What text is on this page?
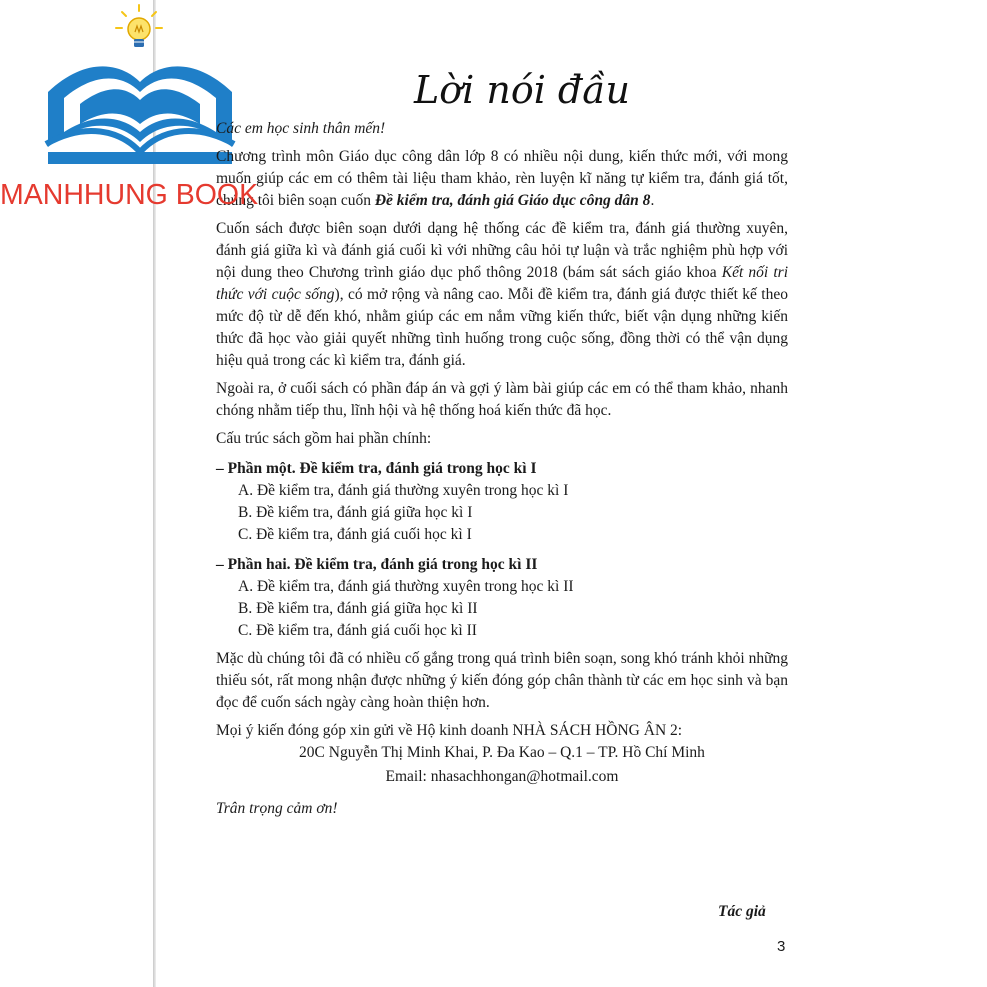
MANHHUNG BOOK
Lời nói đầu

Các em học sinh thân mến!

Chương trình môn Giáo dục công dân lớp 8 có nhiều nội dung, kiến thức mới, với mong muốn giúp các em có thêm tài liệu tham khảo, rèn luyện kĩ năng tự kiểm tra, đánh giá tốt, chúng tôi biên soạn cuốn Đề kiểm tra, đánh giá Giáo dục công dân 8.

Cuốn sách được biên soạn dưới dạng hệ thống các đề kiểm tra, đánh giá thường xuyên, đánh giá giữa kì và đánh giá cuối kì với những câu hỏi tự luận và trắc nghiệm phù hợp với nội dung theo Chương trình giáo dục phổ thông 2018 (bám sát sách giáo khoa Kết nối tri thức với cuộc sống), có mở rộng và nâng cao. Mỗi đề kiểm tra, đánh giá được thiết kế theo mức độ từ dễ đến khó, nhằm giúp các em nắm vững kiến thức, biết vận dụng những kiến thức đã học vào giải quyết những tình huống trong cuộc sống, đồng thời có thể vận dụng hiệu quả trong các kì kiểm tra, đánh giá.

Ngoài ra, ở cuối sách có phần đáp án và gợi ý làm bài giúp các em có thể tham khảo, nhanh chóng nhằm tiếp thu, lĩnh hội và hệ thống hoá kiến thức đã học.

Cấu trúc sách gồm hai phần chính:

– Phần một. Đề kiểm tra, đánh giá trong học kì I

A. Đề kiểm tra, đánh giá thường xuyên trong học kì I

B. Đề kiểm tra, đánh giá giữa học kì I

C. Đề kiểm tra, đánh giá cuối học kì I

– Phần hai. Đề kiểm tra, đánh giá trong học kì II

A. Đề kiểm tra, đánh giá thường xuyên trong học kì II

B. Đề kiểm tra, đánh giá giữa học kì II

C. Đề kiểm tra, đánh giá cuối học kì II

Mặc dù chúng tôi đã có nhiều cố gắng trong quá trình biên soạn, song khó tránh khỏi những thiếu sót, rất mong nhận được những ý kiến đóng góp chân thành từ các em học sinh và bạn đọc để cuốn sách ngày càng hoàn thiện hơn.

Mọi ý kiến đóng góp xin gửi về Hộ kinh doanh NHÀ SÁCH HỒNG ÂN 2:

20C Nguyễn Thị Minh Khai, P. Đa Kao – Q.1 – TP. Hồ Chí Minh

Email: nhasachhongan@hotmail.com

Trân trọng cảm ơn!

Tác giả
3
